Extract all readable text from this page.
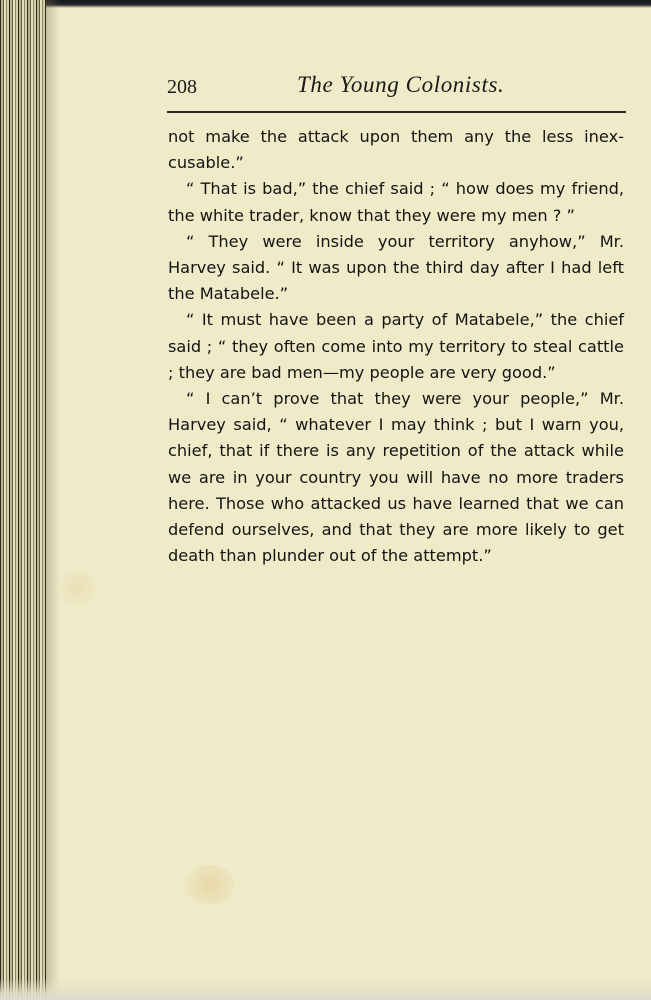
208	The Young Colonists.

not make the attack upon them any the less inex-cusable.”

“ That is bad,” the chief said ; “ how does my friend, the white trader, know that they were my men ? ”

“ They were inside your territory anyhow,” Mr. Harvey said. “ It was upon the third day after I had left the Matabele.”

“ It must have been a party of Matabele,” the chief said ; “ they often come into my territory to steal cattle ; they are bad men—my people are very good.”

“ I can’t prove that they were your people,” Mr. Harvey said, “ whatever I may think ; but I warn you, chief, that if there is any repetition of the attack while we are in your country you will have no more traders here. Those who attacked us have learned that we can defend ourselves, and that they are more likely to get death than plunder out of the attempt.”
